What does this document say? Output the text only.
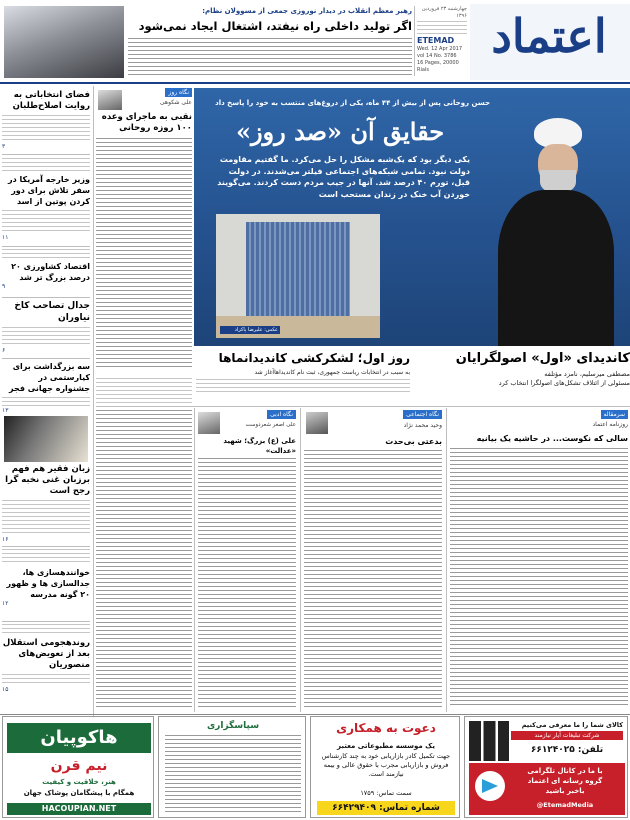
اعتماد
چهارشنبه ۲۳ فروردین ۱۳۹۶
ETEMAD
Wed. 12 Apr 2017
vol 14 No. 3786
16 Pages, 20000 Rials
رهبر معظم انقلاب در دیدار نوروزی جمعی از مسوولان نظام:
اگر تولید داخلی راه نیفتد، اشتغال ایجاد نمی‌شود
فضای انتخاباتی به روایت اصلاح‌طلبان
۳
وزیر خارجه آمریکا در سفر تلاش برای دور کردن پوتین از اسد
۱۱
اقتصاد کشاورزی ۲۰ درصد بزرگ تر شد
۹
جدال تصاحب کاخ نیاوران
۶
سه بزرگداشت برای کیارستمی در جشنواره جهانی فجر
۱۳
زبان فقیر هم فهم برزبان غنی نخبه گرا رجح است
۱۶
خوانندهسازی ها، جدالسازی ها و ظهور ۲۰ گونه مدرسه
۱۲
روندهجومی استقلال بعد از تعویض‌های منصوریان
۱۵
نگاه روز
علی شکوهی
نقبی به ماجرای وعده ۱۰۰ روزه روحانی
حسن روحانی پس از بیش از ۴۴ ماه، یکی از دروغ‌های منتسب به خود را پاسخ داد
حقایق آن «صد روز»
یکی دیگر بود که یک‌شبه مشکل را حل می‌کرد. ما گفتیم مقاومت دولت نبود. تمامی شبکه‌های اجتماعی فیلتر می‌شدند. در دولت قبل، تورم ۴۰ درصد شد. آنها در جیب مردم دست کردند. می‌گویند خوردن آب خنک در زندان مستحب است
عکس: علیرضا پاکزاد
کاندیدای «اول» اصولگرایان
مصطفی میرسلیم، نامزد مؤتلفه
مسئولی از ائتلاف تشکل‌های اصولگرا انتخاب کرد
روز اول؛ لشکرکشی کاندیدانماها
به سبب در انتخابات ریاست جمهوری، ثبت نام کاندیداهاآغاز شد
سرمقاله
روزنامه اعتماد
سالی که نکوست... در حاشیه یک بیانیه
نگاه اجتماعی
وحید محمد نژاد
بدعتی بی‌حدت
نگاه ادبی
علی اصغر شعردوست
علی (ع) بزرگ؛ شهید «عدالت»
هاکوپیان
نیم قرن
هنر، خلاقیت و کیفیت
همگام با پیشگامان پوشاک جهان
HACOUPIAN.NET
سپاسگزاری	دعوت به همکاری
یک موسسه مطبوعاتی معتبر
جهت تکمیل کادر بازاریابی خود به چند کارشناس فروش و بازاریابی مجرب با حقوق عالی و بیمه نیازمند است.
سمت تماس: ۱۷۵۹
شماره تماس: ۶۶۴۲۹۴۰۹
کالای شما را ما معرفی می‌کنیم
شرکت تبلیغات آیار نیازمند
تلفن: ۶۶۱۲۴۰۲۵
با ما در کانال تلگرامی
گروه رسانه ای اعتماد
باخبر باشید
@EtemadMedia
